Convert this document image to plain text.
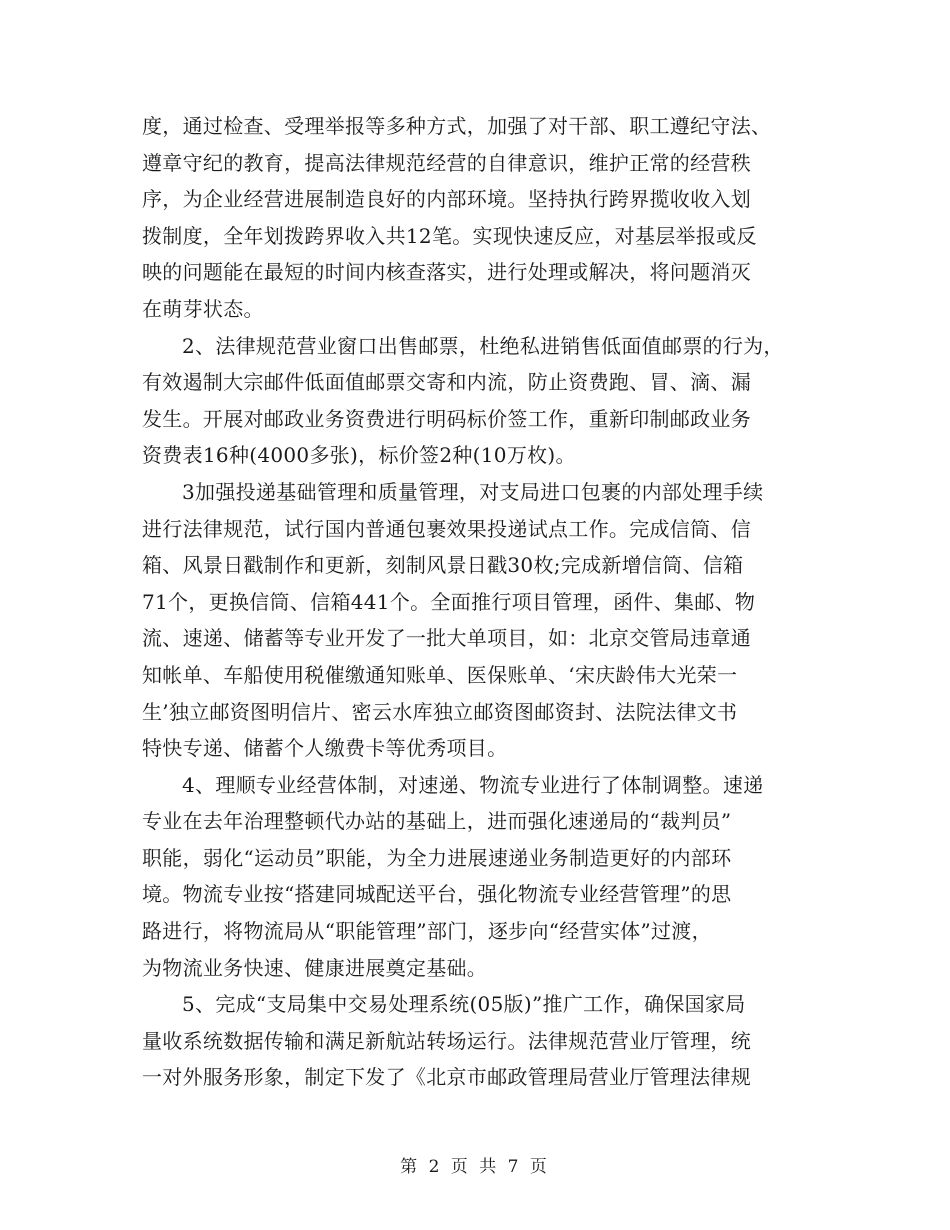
度，通过检查、受理举报等多种方式，加强了对干部、职工遵纪守法、
遵章守纪的教育，提高法律规范经营的自律意识，维护正常的经营秩
序，为企业经营进展制造良好的内部环境。坚持执行跨界揽收收入划
拨制度，全年划拨跨界收入共12笔。实现快速反应，对基层举报或反
映的问题能在最短的时间内核查落实，进行处理或解决，将问题消灭
在萌芽状态。
2、法律规范营业窗口出售邮票，杜绝私进销售低面值邮票的行为，
有效遏制大宗邮件低面值邮票交寄和内流，防止资费跑、冒、滴、漏
发生。开展对邮政业务资费进行明码标价签工作，重新印制邮政业务
资费表16种(4000多张)，标价签2种(10万枚)。
3加强投递基础管理和质量管理，对支局进口包裹的内部处理手续
进行法律规范，试行国内普通包裹效果投递试点工作。完成信筒、信
箱、风景日戳制作和更新，刻制风景日戳30枚;完成新增信筒、信箱
71个，更换信筒、信箱441个。全面推行项目管理，函件、集邮、物
流、速递、储蓄等专业开发了一批大单项目，如：北京交管局违章通
知帐单、车船使用税催缴通知账单、医保账单、‘宋庆龄伟大光荣一
生’独立邮资图明信片、密云水库独立邮资图邮资封、法院法律文书
特快专递、储蓄个人缴费卡等优秀项目。
4、理顺专业经营体制，对速递、物流专业进行了体制调整。速递
专业在去年治理整顿代办站的基础上，进而强化速递局的“裁判员”
职能，弱化“运动员”职能，为全力进展速递业务制造更好的内部环
境。物流专业按“搭建同城配送平台，强化物流专业经营管理”的思
路进行，将物流局从“职能管理”部门，逐步向“经营实体”过渡，
为物流业务快速、健康进展奠定基础。
5、完成“支局集中交易处理系统(05版)”推广工作，确保国家局
量收系统数据传输和满足新航站转场运行。法律规范营业厅管理，统
一对外服务形象，制定下发了《北京市邮政管理局营业厅管理法律规
第 2 页 共 7 页
